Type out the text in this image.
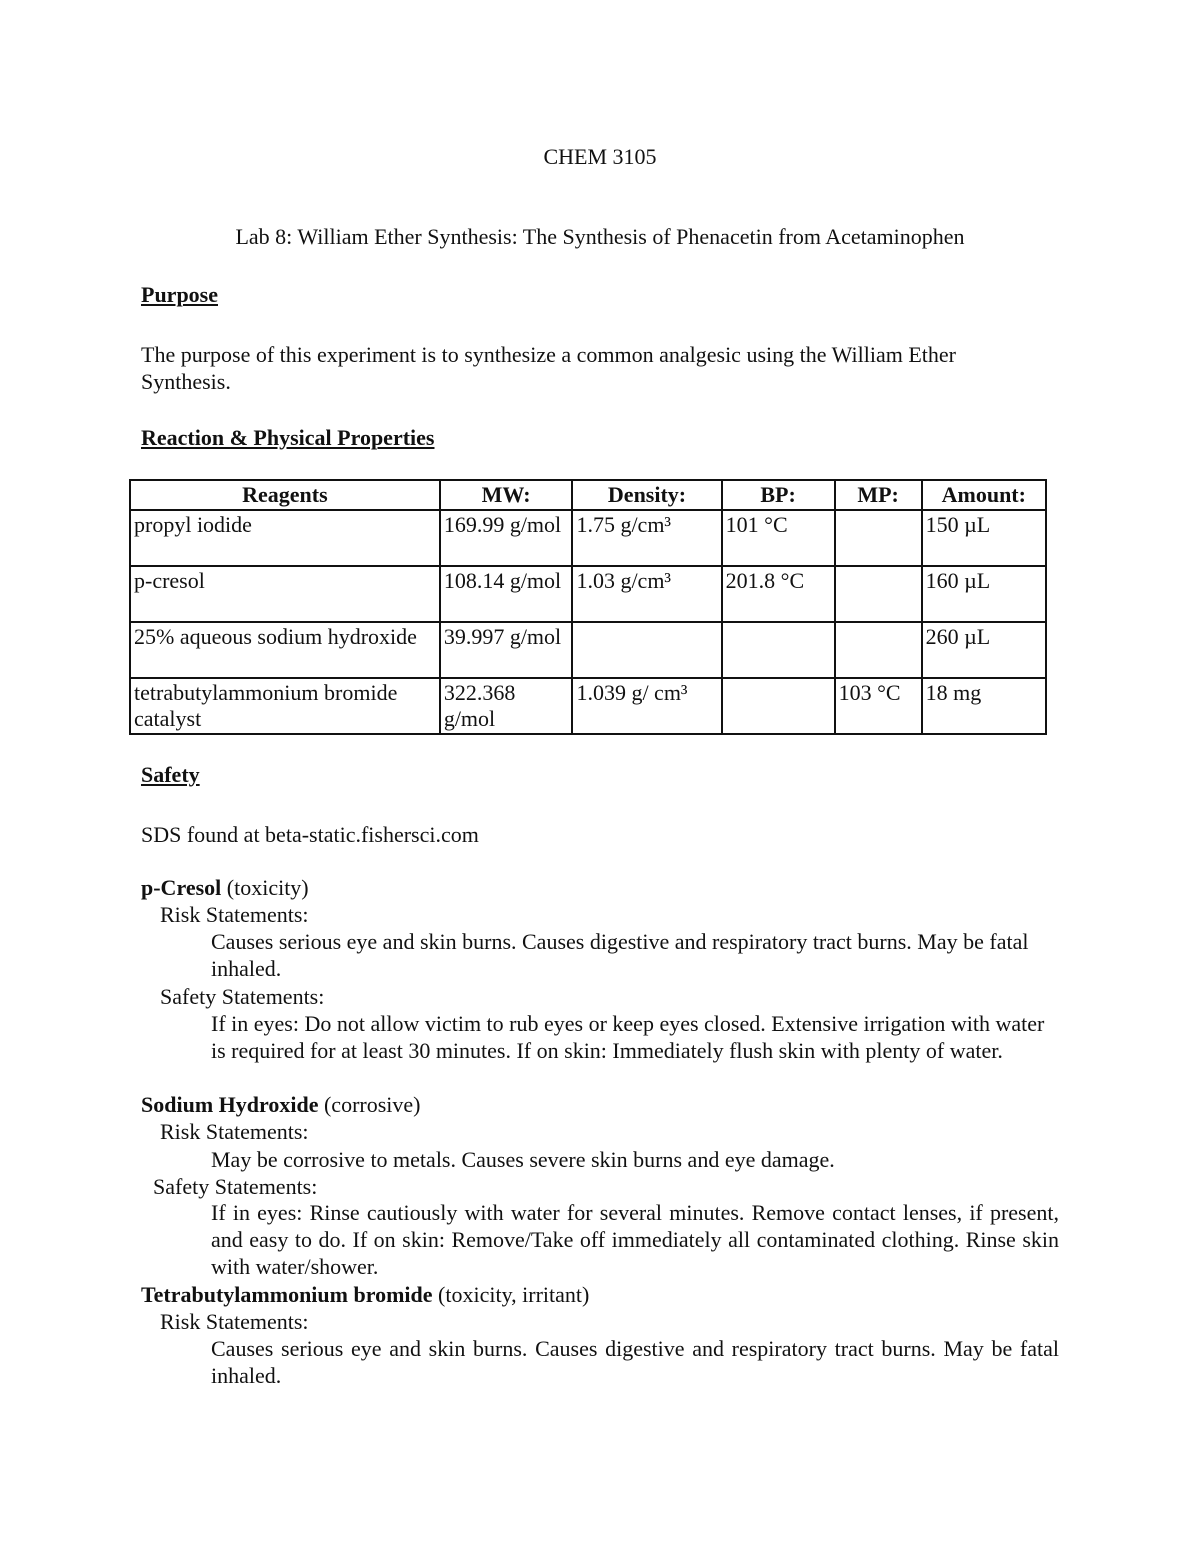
CHEM 3105
Lab 8: William Ether Synthesis: The Synthesis of Phenacetin from Acetaminophen
Purpose
The purpose of this experiment is to synthesize a common analgesic using the William Ether Synthesis.
Reaction & Physical Properties
Reagents	MW:	Density:	BP:	MP:	Amount:
propyl iodide	169.99 g/mol	1.75 g/cm³	101 °C		150 µL
p-cresol	108.14 g/mol	1.03 g/cm³	201.8 °C		160 µL
25% aqueous sodium hydroxide	39.997 g/mol				260 µL
tetrabutylammonium bromide catalyst	322.368 g/mol	1.039 g/ cm³		103 °C	18 mg
Safety
SDS found at beta-static.fishersci.com
p-Cresol (toxicity)
Risk Statements:
Causes serious eye and skin burns. Causes digestive and respiratory tract burns. May be fatal inhaled.
Safety Statements:
If in eyes: Do not allow victim to rub eyes or keep eyes closed. Extensive irrigation with water is required for at least 30 minutes. If on skin: Immediately flush skin with plenty of water.
Sodium Hydroxide (corrosive)
Risk Statements:
May be corrosive to metals. Causes severe skin burns and eye damage.
Safety Statements:
If in eyes: Rinse cautiously with water for several minutes. Remove contact lenses, if present, and easy to do. If on skin: Remove/Take off immediately all contaminated clothing. Rinse skin with water/shower.
Tetrabutylammonium bromide (toxicity, irritant)
Risk Statements:
Causes serious eye and skin burns. Causes digestive and respiratory tract burns. May be fatal inhaled.
